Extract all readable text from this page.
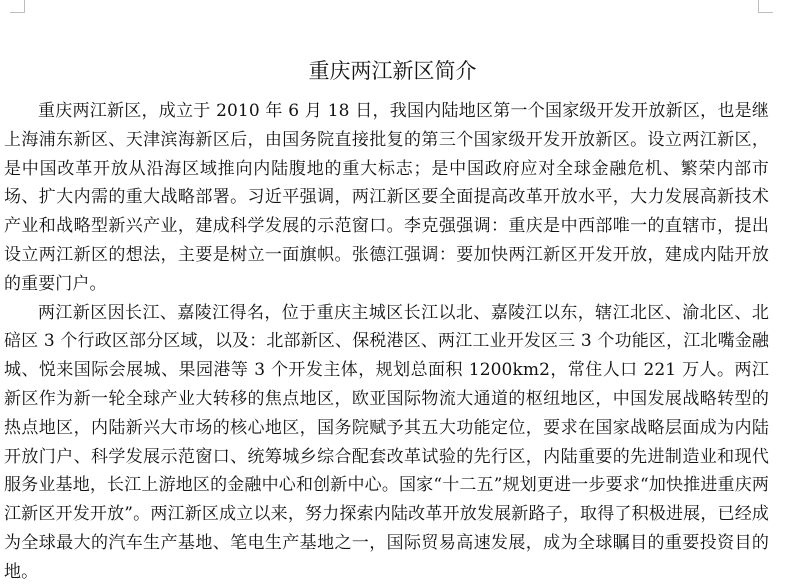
重庆两江新区简介

重庆两江新区，成立于 2010 年 6 月 18 日，我国内陆地区第一个国家级开发开放新区，也是继上海浦东新区、天津滨海新区后，由国务院直接批复的第三个国家级开发开放新区。设立两江新区，是中国改革开放从沿海区域推向内陆腹地的重大标志；是中国政府应对全球金融危机、繁荣内部市场、扩大内需的重大战略部署。习近平强调，两江新区要全面提高改革开放水平，大力发展高新技术产业和战略型新兴产业，建成科学发展的示范窗口。李克强强调：重庆是中西部唯一的直辖市，提出设立两江新区的想法，主要是树立一面旗帜。张德江强调：要加快两江新区开发开放，建成内陆开放的重要门户。

两江新区因长江、嘉陵江得名，位于重庆主城区长江以北、嘉陵江以东，辖江北区、渝北区、北碚区 3 个行政区部分区域，以及：北部新区、保税港区、两江工业开发区三 3 个功能区，江北嘴金融城、悦来国际会展城、果园港等 3 个开发主体，规划总面积 1200km2，常住人口 221 万人。两江新区作为新一轮全球产业大转移的焦点地区，欧亚国际物流大通道的枢纽地区，中国发展战略转型的热点地区，内陆新兴大市场的核心地区，国务院赋予其五大功能定位，要求在国家战略层面成为内陆开放门户、科学发展示范窗口、统筹城乡综合配套改革试验的先行区，内陆重要的先进制造业和现代服务业基地，长江上游地区的金融中心和创新中心。国家“十二五”规划更进一步要求“加快推进重庆两江新区开发开放”。两江新区成立以来，努力探索内陆改革开放发展新路子，取得了积极进展，已经成为全球最大的汽车生产基地、笔电生产基地之一，国际贸易高速发展，成为全球瞩目的重要投资目的地。
